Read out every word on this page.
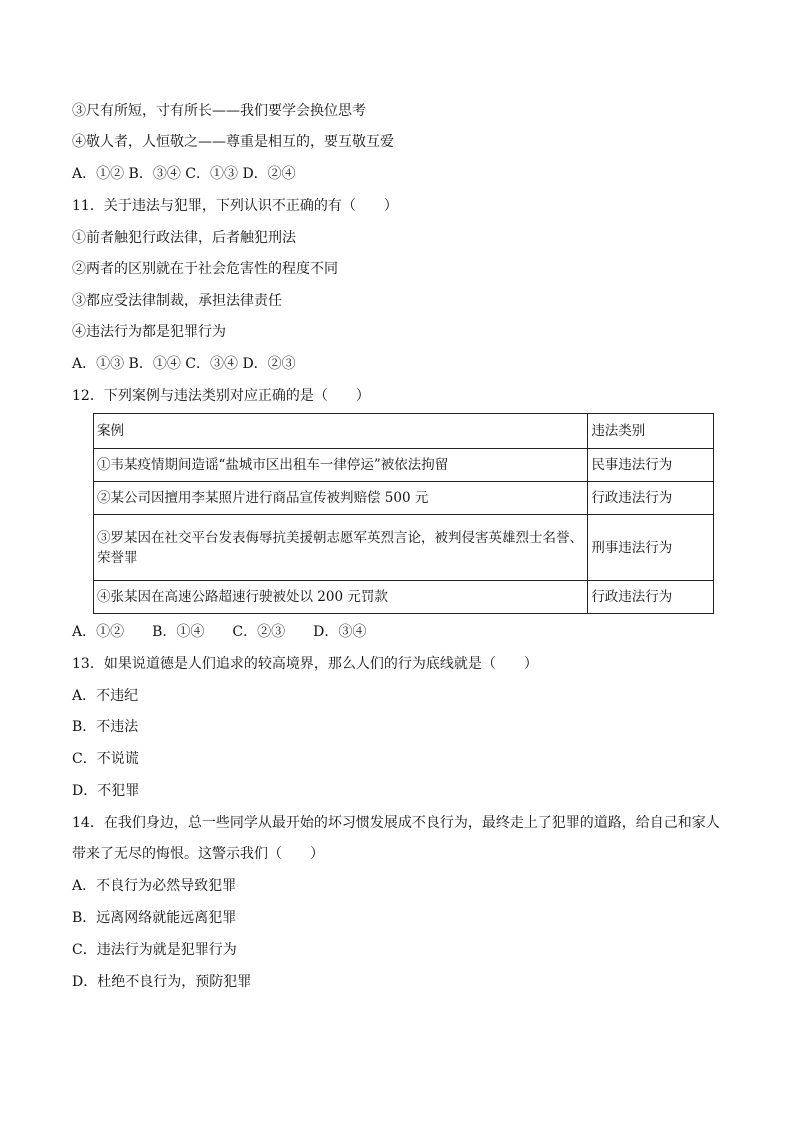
③尺有所短，寸有所长——我们要学会换位思考
④敬人者，人恒敬之——尊重是相互的，要互敬互爱
A．①② B．③④ C．①③ D．②④
11．关于违法与犯罪，下列认识不正确的有（　　）
①前者触犯行政法律，后者触犯刑法
②两者的区别就在于社会危害性的程度不同
③都应受法律制裁，承担法律责任
④违法行为都是犯罪行为
A．①③ B．①④ C．③④ D．②③
12．下列案例与违法类别对应正确的是（　　）
案例	违法类别
①韦某疫情期间造谣“盐城市区出租车一律停运”被依法拘留	民事违法行为
②某公司因擅用李某照片进行商品宣传被判赔偿 500 元	行政违法行为
③罗某因在社交平台发表侮辱抗美援朝志愿军英烈言论，被判侵害英雄烈士名誉、荣誉罪	刑事违法行为
④张某因在高速公路超速行驶被处以 200 元罚款	行政违法行为
A．①②　　B．①④　　C．②③　　D．③④
13．如果说道德是人们追求的较高境界，那么人们的行为底线就是（　　）
A．不违纪
B．不违法
C．不说谎
D．不犯罪
14．在我们身边，总一些同学从最开始的坏习惯发展成不良行为，最终走上了犯罪的道路，给自己和家人
带来了无尽的悔恨。这警示我们（　　）
A．不良行为必然导致犯罪
B．远离网络就能远离犯罪
C．违法行为就是犯罪行为
D．杜绝不良行为，预防犯罪
